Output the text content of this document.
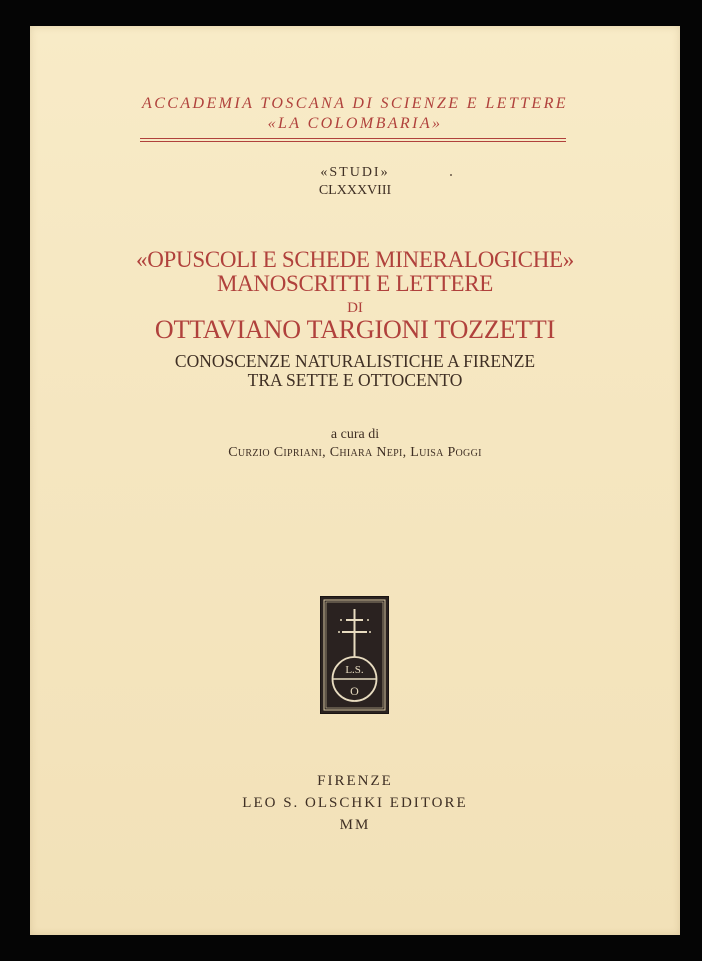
ACCADEMIA TOSCANA DI SCIENZE E LETTERE
«LA COLOMBARIA»
«STUDI»
CLXXXVIII
«OPUSCOLI E SCHEDE MINERALOGICHE»
MANOSCRITTI E LETTERE
DI
OTTAVIANO TARGIONI TOZZETTI
CONOSCENZE NATURALISTICHE A FIRENZE
TRA SETTE E OTTOCENTO
a cura di
Curzio Cipriani, Chiara Nepi, Luisa Poggi
L.S.
O
FIRENZE
LEO S. OLSCHKI EDITORE
MM
